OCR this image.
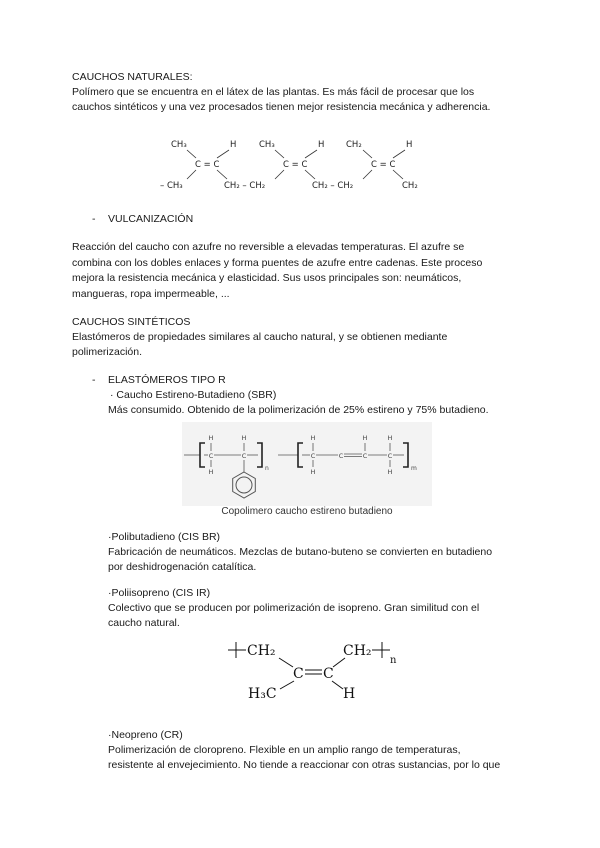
CAUCHOS NATURALES:
Polímero que se encuentra en el látex de las plantas. Es más fácil de procesar que los
cauchos sintéticos y una vez procesados tienen mejor resistencia mecánica y adherencia.
CH₃	H	CH₃	H	CH₂	H
C = C	C = C	C = C
– CH₃	CH₂ – CH₂	CH₂ – CH₂	CH₂
- VULCANIZACIÓN
Reacción del caucho con azufre no reversible a elevadas temperaturas. El azufre se
combina con los dobles enlaces y forma puentes de azufre entre cadenas. Este proceso
mejora la resistencia mecánica y elasticidad. Sus usos principales son: neumáticos,
mangueras, ropa impermeable, ...
CAUCHOS SINTÉTICOS
Elastómeros de propiedades similares al caucho natural, y se obtienen mediante
polimerización.
- ELASTÓMEROS TIPO R
· Caucho Estireno-Butadieno (SBR)
Más consumido. Obtenido de la polimerización de 25% estireno y 75% butadieno.
H
C
H
H
C
H
C
H
C
H
C
H
C
H
n	m
Copolimero caucho estireno butadieno
·Polibutadieno (CIS BR)
Fabricación de neumáticos. Mezclas de butano-buteno se convierten en butadieno
por deshidrogenación catalítica.
·Poliisopreno (CIS IR)
Colectivo que se producen por polimerización de isopreno. Gran similitud con el
caucho natural.
CH₂
C C
CH₂
n
H₃C	H
·Neopreno (CR)
Polimerización de cloropreno. Flexible en un amplio rango de temperaturas,
resistente al envejecimiento. No tiende a reaccionar con otras sustancias, por lo que
